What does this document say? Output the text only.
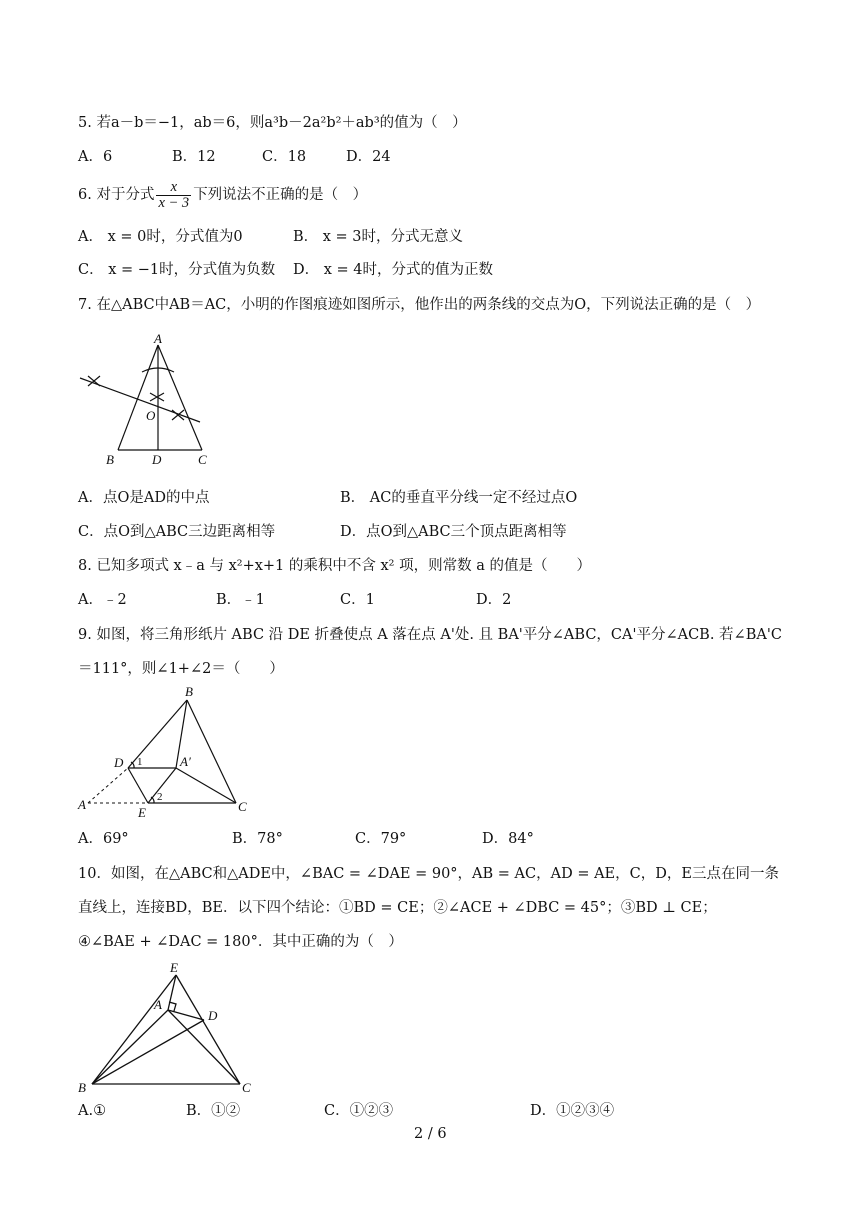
5. 若a－b＝−1，ab＝6，则a³b－2a²b²＋ab³的值为（　）
A．6	B．12	C．18	D．24
6. 对于分式 $\frac{x}{x - 3}$ 下列说法不正确的是（　）
A． x = 0时，分式值为0	B． x = 3时，分式无意义
C． x = −1时，分式值为负数 D． x = 4时，分式的值为正数
7. 在△ABC中AB＝AC，小明的作图痕迹如图所示，他作出的两条线的交点为O，下列说法正确的是（　）
A
B	D	C
O
A．点O是AD的中点	B． AC的垂直平分线一定不经过点O
C．点O到△ABC三边距离相等	D．点O到△ABC三个顶点距离相等
8. 已知多项式 x﹣a 与 x²+x+1 的乘积中不含 x² 项，则常数 a 的值是（　　）
A．﹣2	B．﹣1	C．1	D．2
9. 如图，将三角形纸片 ABC 沿 DE 折叠使点 A 落在点 A'处. 且 BA'平分∠ABC，CA'平分∠ACB. 若∠BA'C
＝111°，则∠1+∠2＝（　　）
B
D 1	A′
A	2
E	C
A．69°	B．78°	C．79°	D．84°
10．如图，在△ABC和△ADE中，∠BAC = ∠DAE = 90°，AB = AC，AD = AE，C，D，E三点在同一条
直线上，连接BD，BE．以下四个结论：①BD = CE；②∠ACE + ∠DBC = 45°；③BD ⊥ CE；
④∠BAE + ∠DAC = 180°．其中正确的为（　）
E
A
D
B	C
A.①	B．①②	C．①②③	D．①②③④
2 / 6
